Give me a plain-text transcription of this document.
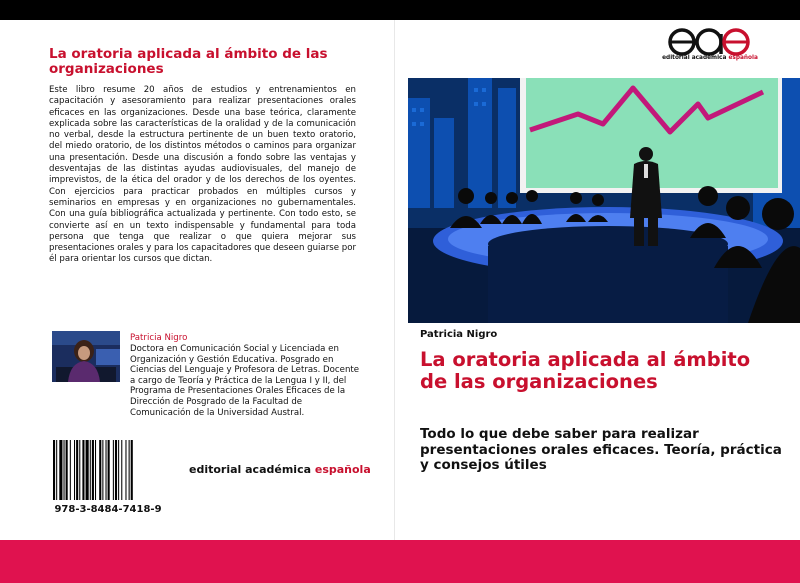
La oratoria aplicada al ámbito de las organizaciones

Este libro resume 20 años de estudios y entrenamientos en capacitación y asesoramiento para realizar presentaciones orales eficaces en las organizaciones. Desde una base teórica, claramente explicada sobre las características de la oralidad y de la comunicación no verbal, desde la estructura pertinente de un buen texto oratorio, del miedo oratorio, de los distintos métodos o caminos para organizar una presentación. Desde una discusión a fondo sobre las ventajas y desventajas de las distintas ayudas audiovisuales, del manejo de imprevistos, de la ética del orador y de los derechos de los oyentes. Con ejercicios para practicar probados en múltiples cursos y seminarios en empresas y en organizaciones no gubernamentales. Con una guía bibliográfica actualizada y pertinente. Con todo esto, se convierte así en un texto indispensable y fundamental para toda persona que tenga que realizar o que quiera mejorar sus presentaciones orales y para los capacitadores que deseen guiarse por él para orientar los cursos que dictan.

Patricia Nigro

Doctora en Comunicación Social y Licenciada en Organización y Gestión Educativa. Posgrado en Ciencias del Lenguaje y Profesora de Letras. Docente a cargo de Teoría y Práctica de la Lengua I y II, del Programa de Presentaciones Orales Eficaces de la Dirección de Posgrado de la Facultad de Comunicación de la Universidad Austral.

978-3-8484-7418-9
editorial académica española
editorial académica española
Patricia Nigro
La oratoria aplicada al ámbito de las organizaciones

Todo lo que debe saber para realizar presentaciones orales eficaces. Teoría, práctica y consejos útiles
